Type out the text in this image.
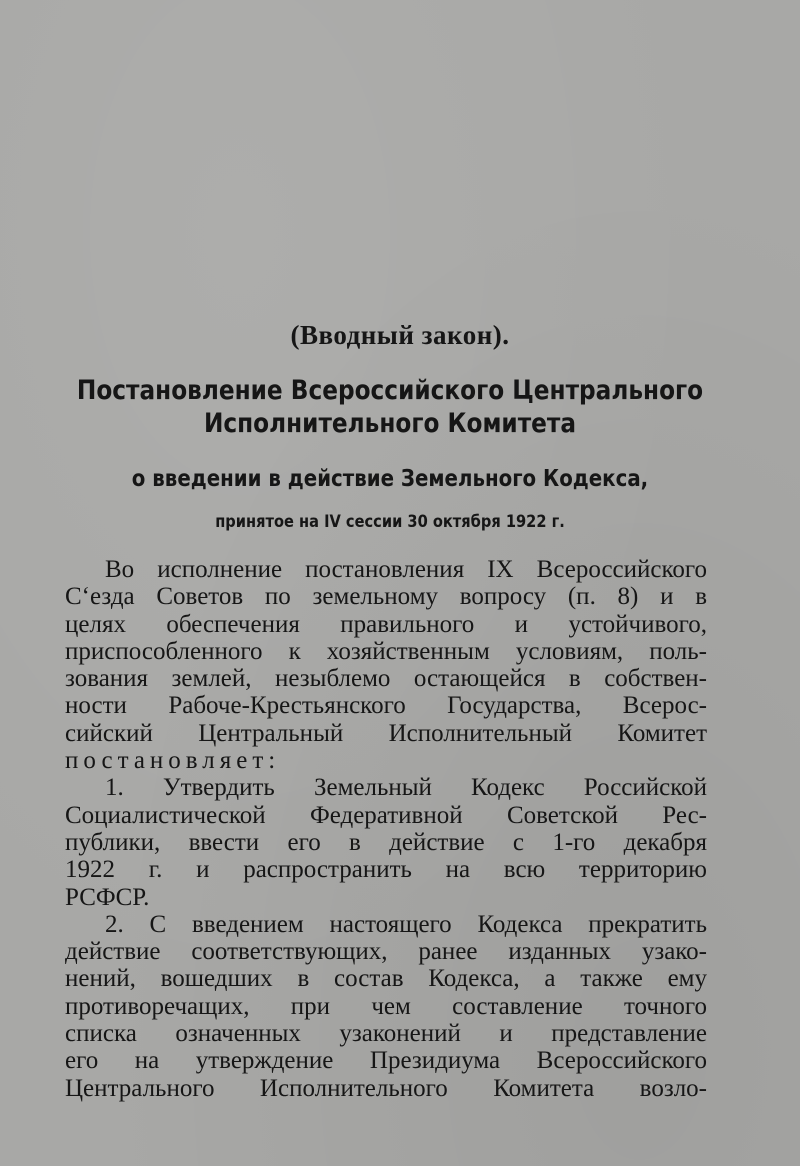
(Вводный закон).
Постановление Всероссийского Центрального
Исполнительного Комитета
о введении в действие Земельного Кодекса,
принятое на IV сессии 30 октября 1922 г.
Во исполнение постановления IX Всероссийского
С‘езда Советов по земельному вопросу (п. 8) и в
целях обеспечения правильного и устойчивого,
приспособленного к хозяйственным условиям, поль-
зования землей, незыблемо остающейся в собствен-
ности Рабоче-Крестьянского Государства, Всерос-
сийский Центральный Исполнительный Комитет
постановляет:
1. Утвердить Земельный Кодекс Российской
Социалистической Федеративной Советской Рес-
публики, ввести его в действие с 1-го декабря
1922 г. и распространить на всю территорию
РСФСР.
2. С введением настоящего Кодекса прекратить
действие соответствующих, ранее изданных узако-
нений, вошедших в состав Кодекса, а также ему
противоречащих, при чем составление точного
списка означенных узаконений и представление
его на утверждение Президиума Всероссийского
Центрального Исполнительного Комитета возло-
